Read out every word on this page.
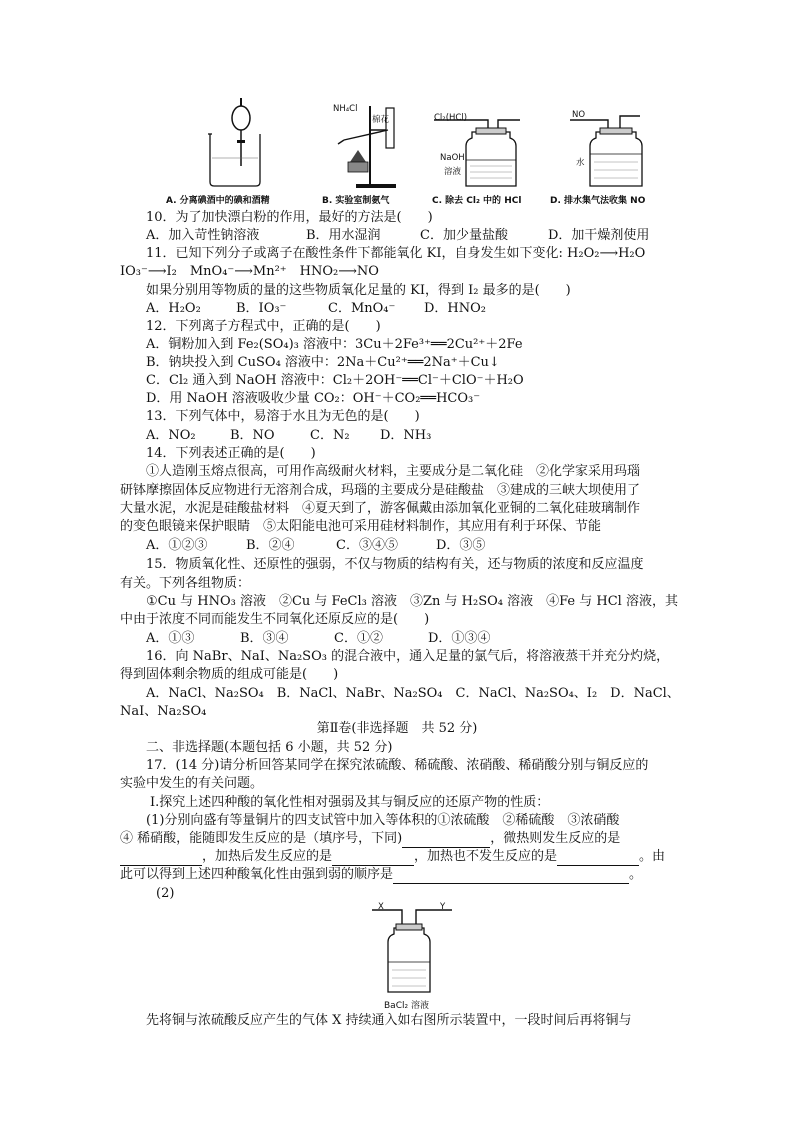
A. 分离碘酒中的碘和酒精
NH₄Cl
棉花
B. 实验室制氨气
Cl₂(HCl)
NaOH
溶液
C. 除去 Cl₂ 中的 HCl
NO
水
D. 排水集气法收集 NO
10．为了加快漂白粉的作用，最好的方法是(　　)
A．加入苛性钠溶液	B．用水湿润	C．加少量盐酸	D．加干燥剂使用
11．已知下列分子或离子在酸性条件下都能氧化 KI，自身发生如下变化: H₂O₂⟶H₂O
IO₃⁻⟶I₂　MnO₄⁻⟶Mn²⁺　HNO₂⟶NO
如果分别用等物质的量的这些物质氧化足量的 KI，得到 I₂ 最多的是(　　)
A．H₂O₂	B．IO₃⁻	C．MnO₄⁻ D．HNO₂
12．下列离子方程式中，正确的是(　　)
A．铜粉加入到 Fe₂(SO₄)₃ 溶液中：3Cu＋2Fe³⁺══2Cu²⁺＋2Fe
B．钠块投入到 CuSO₄ 溶液中：2Na＋Cu²⁺══2Na⁺＋Cu↓
C．Cl₂ 通入到 NaOH 溶液中：Cl₂＋2OH⁻══Cl⁻＋ClO⁻＋H₂O
D．用 NaOH 溶液吸收少量 CO₂：OH⁻＋CO₂══HCO₃⁻
13．下列气体中，易溶于水且为无色的是(　　)
A．NO₂	B．NO	C．N₂ D．NH₃
14．下列表述正确的是(　　)
①人造刚玉熔点很高，可用作高级耐火材料，主要成分是二氧化硅　②化学家采用玛瑙
研钵摩擦固体反应物进行无溶剂合成，玛瑙的主要成分是硅酸盐　③建成的三峡大坝使用了
大量水泥，水泥是硅酸盐材料　④夏天到了，游客佩戴由添加氧化亚铜的二氧化硅玻璃制作
的变色眼镜来保护眼睛　⑤太阳能电池可采用硅材料制作，其应用有利于环保、节能
A．①②③	B．②④	C．③④⑤	D．③⑤
15．物质氧化性、还原性的强弱，不仅与物质的结构有关，还与物质的浓度和反应温度
有关。下列各组物质：
①Cu 与 HNO₃ 溶液　②Cu 与 FeCl₃ 溶液　③Zn 与 H₂SO₄ 溶液　④Fe 与 HCl 溶液，其
中由于浓度不同而能发生不同氧化还原反应的是(　　)
A．①③	B．③④	C．①②	D．①③④
16．向 NaBr、NaI、Na₂SO₃ 的混合液中，通入足量的氯气后，将溶液蒸干并充分灼烧，
得到固体剩余物质的组成可能是(　　)
A．NaCl、Na₂SO₄　B．NaCl、NaBr、Na₂SO₄　C．NaCl、Na₂SO₄、I₂　D．NaCl、
NaI、Na₂SO₄
第Ⅱ卷(非选择题　共 52 分)
二、非选择题(本题包括 6 小题，共 52 分)
17．(14 分)请分析回答某同学在探究浓硫酸、稀硫酸、浓硝酸、稀硝酸分别与铜反应的
实验中发生的有关问题。
Ⅰ.探究上述四种酸的氧化性相对强弱及其与铜反应的还原产物的性质：
(1)分别向盛有等量铜片的四支试管中加入等体积的①浓硫酸　②稀硫酸　③浓硝酸
④ 稀硝酸，能随即发生反应的是（填序号，下同)	，微热则发生反应的是
，加热后发生反应的是	，加热也不发生反应的是	。由
此可以得到上述四种酸氧化性由强到弱的顺序是	。
(2)
X	Y
BaCl₂ 溶液
先将铜与浓硫酸反应产生的气体 X 持续通入如右图所示装置中，一段时间后再将铜与
